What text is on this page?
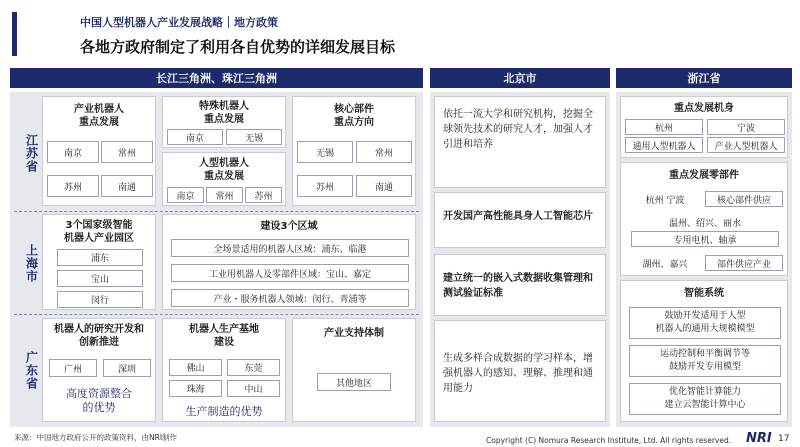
中国人型机器人产业发展战略｜地方政策
各地方政府制定了利用各自优势的详细发展目标
长江三角洲、珠江三角洲	北京市	浙江省
江苏省
上海市
广东省
产业机器人
重点发展
南京	常州
苏州	南通
特殊机器人
重点发展
南京	无锡
人型机器人
重点发展
南京	常州	苏州
核心部件
重点方向
无锡	常州
苏州	南通
3个国家级智能
机器人产业园区
浦东
宝山
闵行
建设3个区域
全场景适用的机器人区域：浦东、临港
工业用机器人及零部件区域：宝山、嘉定
产业・服务机器人领域：闵行、青浦等
机器人的研究开发和
创新推进
广州	深圳
高度资源整合
的优势
机器人生产基地
建设
佛山	东莞
珠海	中山
生产制造的优势
产业支持体制
其他地区
依托一流大学和研究机构，挖掘全球领先技术的研究人才，加强人才引进和培养
开发国产高性能具身人工智能芯片
建立统一的嵌入式数据收集管理和测试验证标准
生成多样合成数据的学习样本，增强机器人的感知、理解、推理和通用能力
重点发展机身
杭州	宁波
通用人型机器人	产业人型机器人
重点发展零部件
杭州 宁波	核心部件供应
温州、绍兴、丽水
专用电机、轴承
湖州、嘉兴	部件供应产业
智能系统
鼓励开发适用于人型
机器人的通用大规模模型
运动控制和平衡调节等
鼓励开发专用模型
优化智能计算能力
建立云智能计算中心
来源：中国地方政府公开的政策资料，由NRI制作	Copyright (C) Nomura Research Institute, Ltd. All rights reserved. NRI 17
